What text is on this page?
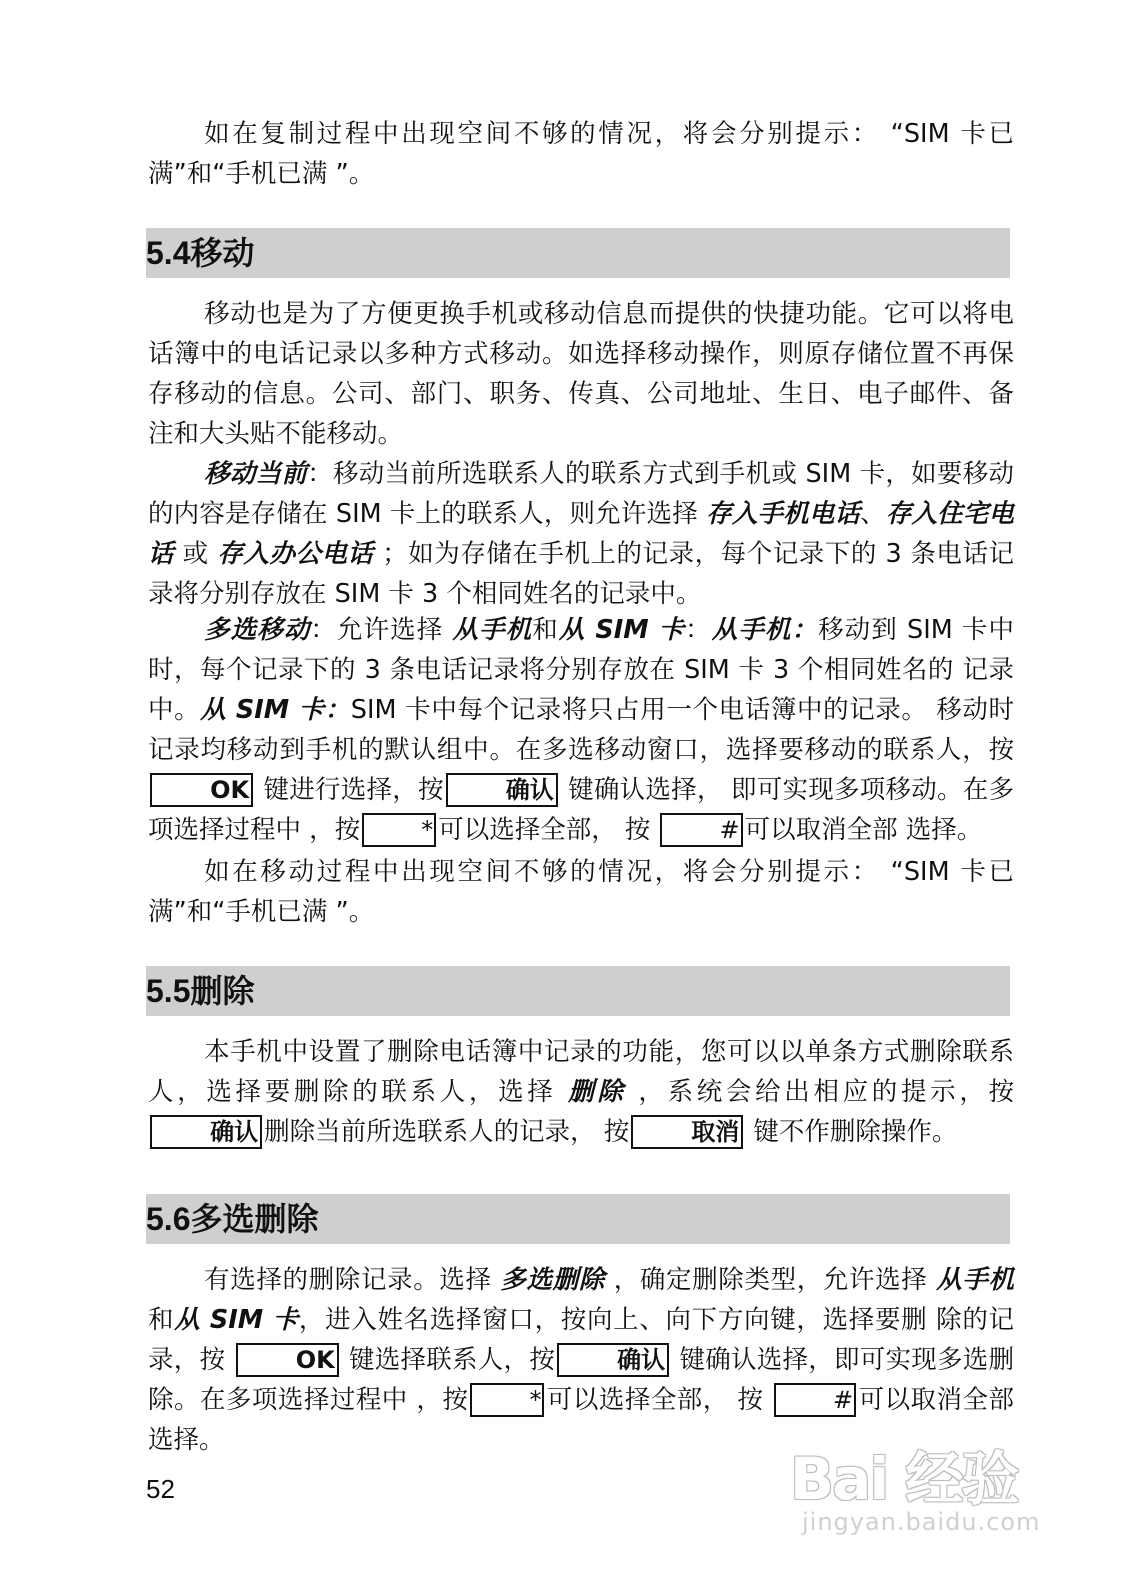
如在复制过程中出现空间不够的情况，将会分别提示： “SIM 卡已满”和“手机已满 ”。

5.4移动

移动也是为了方便更换手机或移动信息而提供的快捷功能。它可以将电话簿中的电话记录以多种方式移动。如选择移动操作，则原存储位置不再保存移动的信息。公司、部门、职务、传真、公司地址、生日、电子邮件、备注和大头贴不能移动。

移动当前：移动当前所选联系人的联系方式到手机或 SIM 卡，如要移动的内容是存储在 SIM 卡上的联系人，则允许选择 存入手机电话、存入住宅电话 或 存入办公电话 ；如为存储在手机上的记录，每个记录下的 3 条电话记录将分别存放在 SIM 卡 3 个相同姓名的记录中。

多选移动：允许选择 从手机和从 SIM 卡：从手机：移动到 SIM 卡中时，每个记录下的 3 条电话记录将分别存放在 SIM 卡 3 个相同姓名的 记录中。从 SIM 卡：SIM 卡中每个记录将只占用一个电话簿中的记录。 移动时记录均移动到手机的默认组中。在多选移动窗口，选择要移动的联系人，按 OK 键进行选择，按	确认 键确认选择， 即可实现多项移动。在多项选择过程中 ，按	* 可以选择全部， 按	# 可以取消全部 选择。

如在移动过程中出现空间不够的情况，将会分别提示： “SIM 卡已满”和“手机已满 ”。

5.5删除

本手机中设置了删除电话簿中记录的功能，您可以以单条方式删除联系人，选择要删除的联系人，选择 删除 ，系统会给出相应的提示，按确认 删除当前所选联系人的记录， 按	取消 键不作删除操作。

5.6多选删除

有选择的删除记录。选择 多选删除 ，确定删除类型，允许选择 从手机和从 SIM 卡，进入姓名选择窗口，按向上、向下方向键，选择要删 除的记录，按	OK 键选择联系人，按	确认 键确认选择，即可实现多选删除。在多项选择过程中 ，按	* 可以选择全部， 按	# 可以取消全部 选择。

52	Bai 经验
jingyan.baidu.com
